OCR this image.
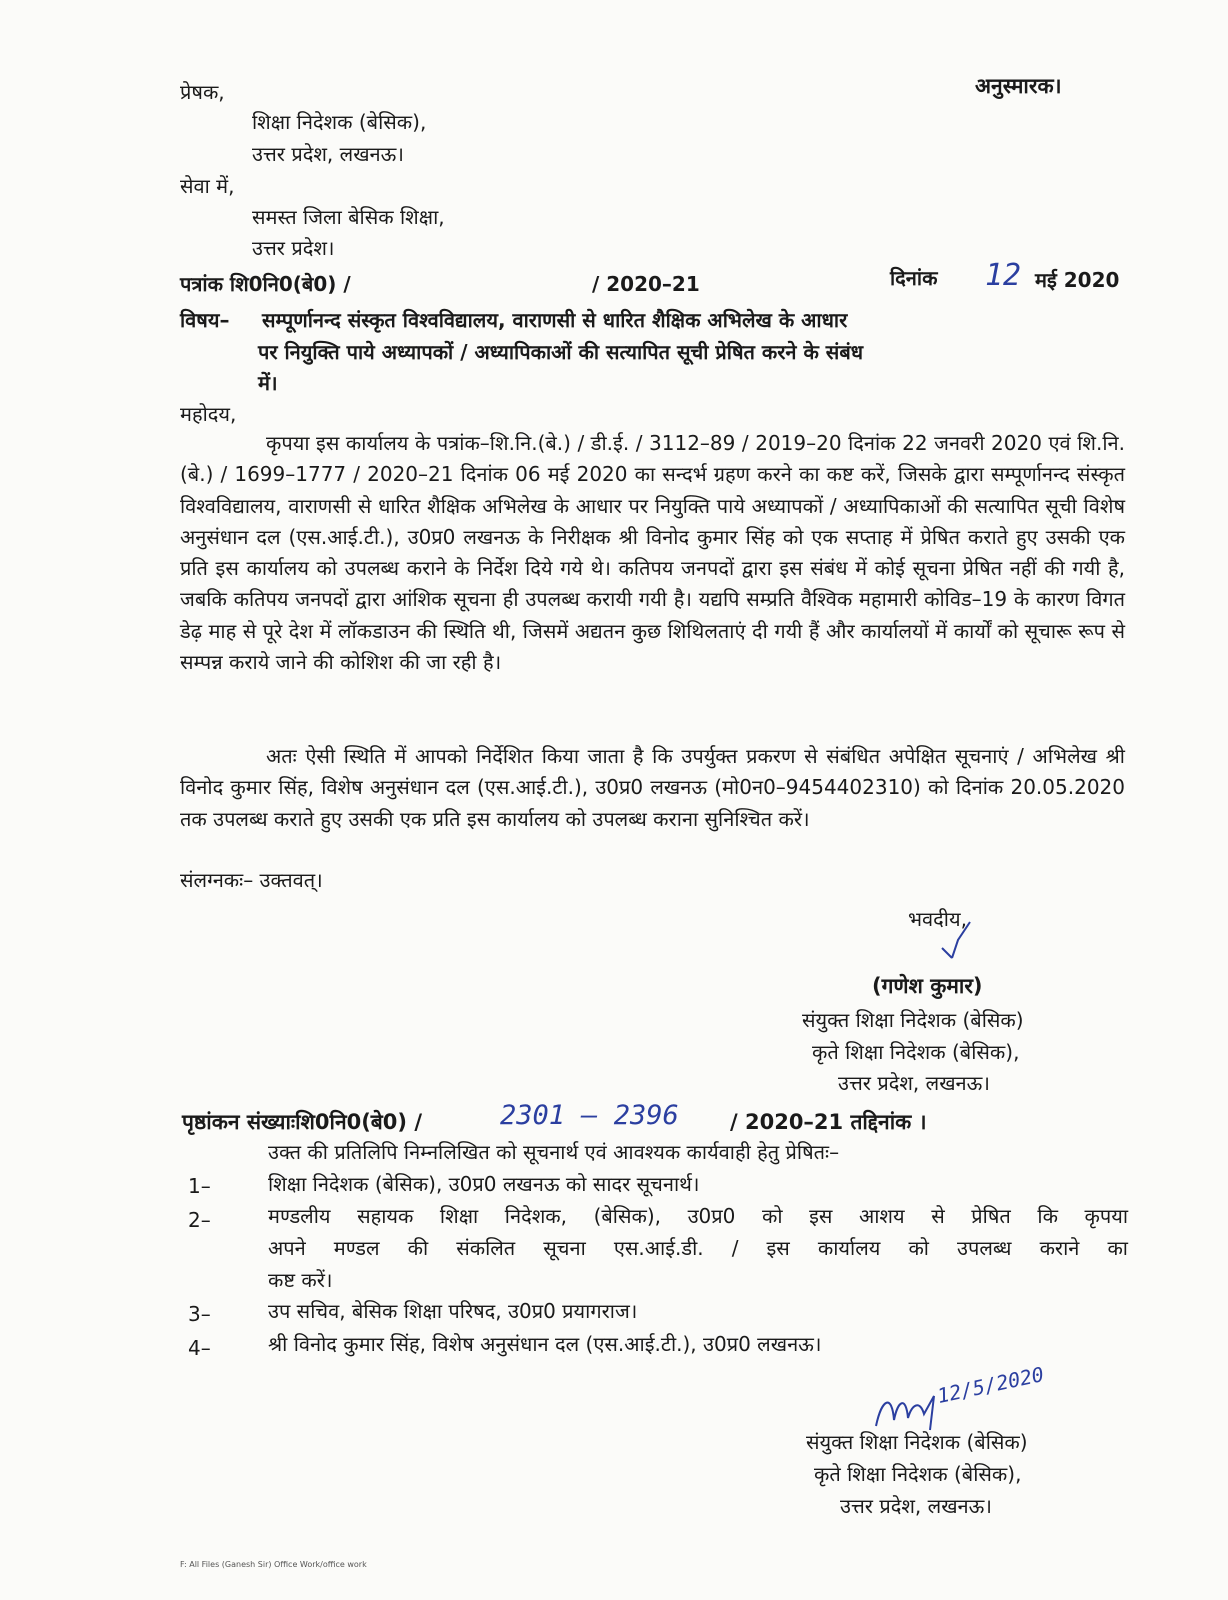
अनुस्मारक।
प्रेषक,
शिक्षा निदेशक (बेसिक),
उत्तर प्रदेश, लखनऊ।
सेवा में,
समस्त जिला बेसिक शिक्षा,
उत्तर प्रदेश।
पत्रांक शि0नि0(बे0) /	/ 2020–21	दिनांक 12 मई 2020
विषय– सम्पूर्णानन्द संस्कृत विश्वविद्यालय, वाराणसी से धारित शैक्षिक अभिलेख के आधार
पर नियुक्ति पाये अध्यापकों / अध्यापिकाओं की सत्यापित सूची प्रेषित करने के संबंध
में।
महोदय,
कृपया इस कार्यालय के पत्रांक–शि.नि.(बे.) / डी.ई. / 3112–89 / 2019–20 दिनांक 22 जनवरी 2020 एवं शि.नि.(बे.) / 1699–1777 / 2020–21 दिनांक 06 मई 2020 का सन्दर्भ ग्रहण करने का कष्ट करें, जिसके द्वारा सम्पूर्णानन्द संस्कृत विश्वविद्यालय, वाराणसी से धारित शैक्षिक अभिलेख के आधार पर नियुक्ति पाये अध्यापकों / अध्यापिकाओं की सत्यापित सूची विशेष अनुसंधान दल (एस.आई.टी.), उ0प्र0 लखनऊ के निरीक्षक श्री विनोद कुमार सिंह को एक सप्ताह में प्रेषित कराते हुए उसकी एक प्रति इस कार्यालय को उपलब्ध कराने के निर्देश दिये गये थे। कतिपय जनपदों द्वारा इस संबंध में कोई सूचना प्रेषित नहीं की गयी है, जबकि कतिपय जनपदों द्वारा आंशिक सूचना ही उपलब्ध करायी गयी है। यद्यपि सम्प्रति वैश्विक महामारी कोविड–19 के कारण विगत डेढ़ माह से पूरे देश में लॉकडाउन की स्थिति थी, जिसमें अद्यतन कुछ शिथिलताएं दी गयी हैं और कार्यालयों में कार्यों को सूचारू रूप से सम्पन्न कराये जाने की कोशिश की जा रही है।
अतः ऐसी स्थिति में आपको निर्देशित किया जाता है कि उपर्युक्त प्रकरण से संबंधित अपेक्षित सूचनाएं / अभिलेख श्री विनोद कुमार सिंह, विशेष अनुसंधान दल (एस.आई.टी.), उ0प्र0 लखनऊ (मो0न0–9454402310) को दिनांक 20.05.2020 तक उपलब्ध कराते हुए उसकी एक प्रति इस कार्यालय को उपलब्ध कराना सुनिश्चित करें।
संलग्नकः– उक्तवत्।
भवदीय,
(गणेश कुमार)
संयुक्त शिक्षा निदेशक (बेसिक)
कृते शिक्षा निदेशक (बेसिक),
उत्तर प्रदेश, लखनऊ।
पृष्ठांकन संख्याःशि0नि0(बे0) /	2301 – 2396 / 2020–21 तद्दिनांक ।
उक्त की प्रतिलिपि निम्नलिखित को सूचनार्थ एवं आवश्यक कार्यवाही हेतु प्रेषितः–
1–	शिक्षा निदेशक (बेसिक), उ0प्र0 लखनऊ को सादर सूचनार्थ।
2–	मण्डलीय सहायक शिक्षा निदेशक, (बेसिक), उ0प्र0 को इस आशय से प्रेषित कि कृपया
अपने मण्डल की संकलित सूचना एस.आई.डी. / इस कार्यालय को उपलब्ध कराने का
कष्ट करें।
3–	उप सचिव, बेसिक शिक्षा परिषद, उ0प्र0 प्रयागराज।
4–	श्री विनोद कुमार सिंह, विशेष अनुसंधान दल (एस.आई.टी.), उ0प्र0 लखनऊ।
12/5/2020
संयुक्त शिक्षा निदेशक (बेसिक)
कृते शिक्षा निदेशक (बेसिक),
उत्तर प्रदेश, लखनऊ।
F: All Files (Ganesh Sir) Office Work/office work
